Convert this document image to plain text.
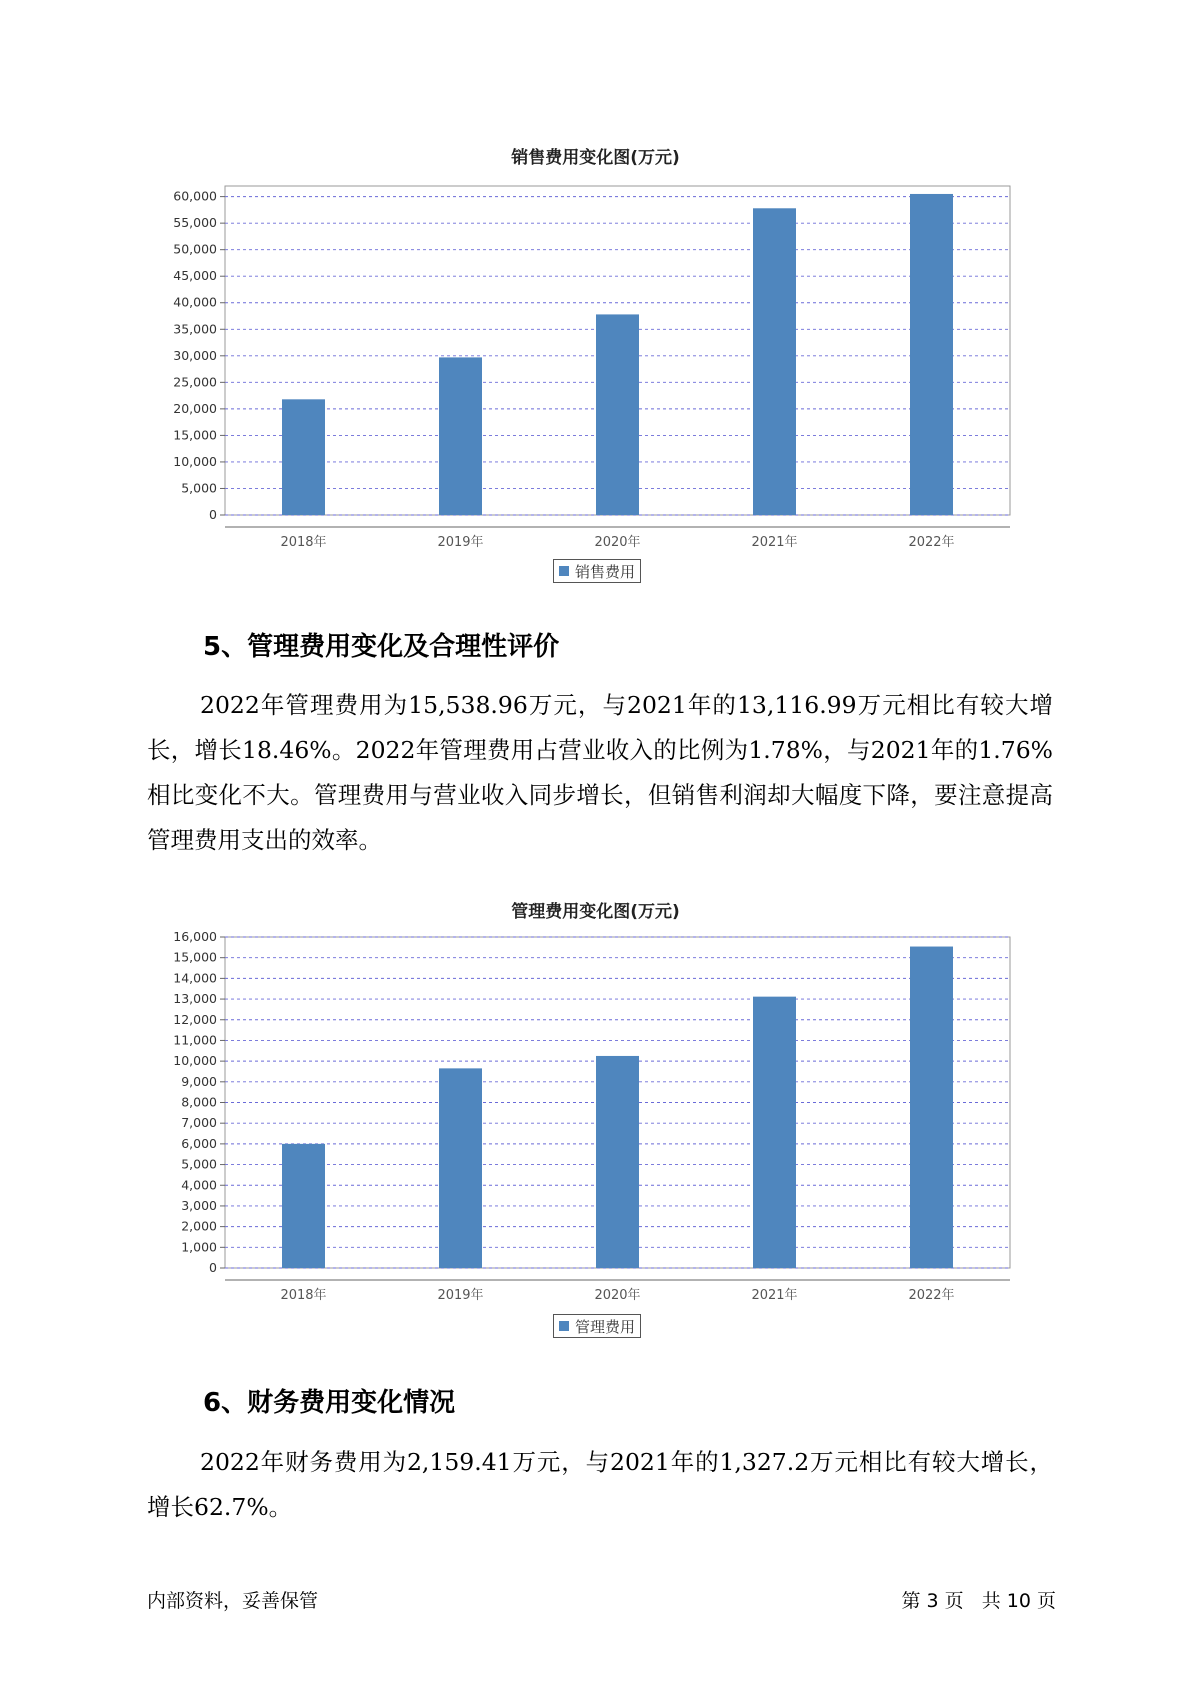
销售费用变化图(万元)
0
5,000
10,000
15,000
20,000
25,000
30,000
35,000
40,000
45,000
50,000
55,000
60,000
2018年	2019年	2020年	2021年	2022年
销售费用
5、管理费用变化及合理性评价

2022年管理费用为15,538.96万元，与2021年的13,116.99万元相比有较大增长，增长18.46%。2022年管理费用占营业收入的比例为1.78%，与2021年的1.76%相比变化不大。管理费用与营业收入同步增长，但销售利润却大幅度下降，要注意提高管理费用支出的效率。

管理费用变化图(万元)
0
1,000
2,000
3,000
4,000
5,000
6,000
7,000
8,000
9,000
10,000
11,000
12,000
13,000
14,000
15,000
16,000
2018年	2019年	2020年	2021年	2022年
管理费用
6、财务费用变化情况

2022年财务费用为2,159.41万元，与2021年的1,327.2万元相比有较大增长，增长62.7%。

内部资料，妥善保管	第 3 页   共 10 页
